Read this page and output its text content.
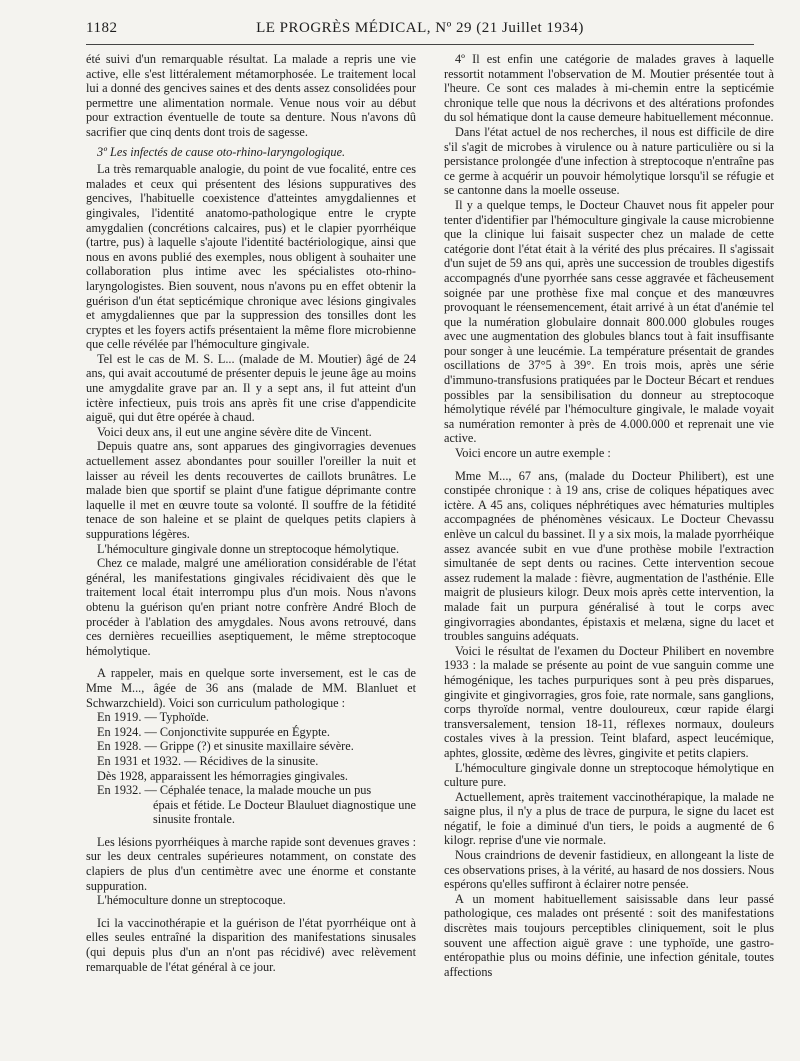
1182	LE PROGRÈS MÉDICAL, Nº 29 (21 Juillet 1934)

été suivi d'un remarquable résultat. La malade a repris une vie active, elle s'est littéralement métamorphosée. Le traitement local lui a donné des gencives saines et des dents assez consolidées pour permettre une alimentation normale. Venue nous voir au début pour extraction éventuelle de toute sa denture. Nous n'avons dû sacrifier que cinq dents dont trois de sagesse.

3º Les infectés de cause oto-rhino-laryngologique.

La très remarquable analogie, du point de vue focalité, entre ces malades et ceux qui présentent des lésions suppuratives des gencives, l'habituelle coexistence d'atteintes amygdaliennes et gingivales, l'identité anatomo-pathologique entre le crypte amygdalien (concrétions calcaires, pus) et le clapier pyorrhéique (tartre, pus) à laquelle s'ajoute l'identité bactériologique, ainsi que nous en avons publié des exemples, nous obligent à souhaiter une collaboration plus intime avec les spécialistes oto-rhino-laryngologistes. Bien souvent, nous n'avons pu en effet obtenir la guérison d'un état septicémique chronique avec lésions gingivales et amygdaliennes que par la suppression des tonsilles dont les cryptes et les foyers actifs présentaient la même flore microbienne que celle révélée par l'hémoculture gingivale.

Tel est le cas de M. S. L... (malade de M. Moutier) âgé de 24 ans, qui avait accoutumé de présenter depuis le jeune âge au moins une amygdalite grave par an. Il y a sept ans, il fut atteint d'un ictère infectieux, puis trois ans après fit une crise d'appendicite aiguë, qui dut être opérée à chaud.

Voici deux ans, il eut une angine sévère dite de Vincent.

Depuis quatre ans, sont apparues des gingivorragies devenues actuellement assez abondantes pour souiller l'oreiller la nuit et laisser au réveil les dents recouvertes de caillots brunâtres. Le malade bien que sportif se plaint d'une fatigue déprimante contre laquelle il met en œuvre toute sa volonté. Il souffre de la fétidité tenace de son haleine et se plaint de quelques petits clapiers à suppurations légères.

L'hémoculture gingivale donne un streptocoque hémolytique.

Chez ce malade, malgré une amélioration considérable de l'état général, les manifestations gingivales récidivaient dès que le traitement local était interrompu plus d'un mois. Nous n'avons obtenu la guérison qu'en priant notre confrère André Bloch de procéder à l'ablation des amygdales. Nous avons retrouvé, dans ces dernières recueillies aseptiquement, le même streptocoque hémolytique.

A rappeler, mais en quelque sorte inversement, est le cas de Mme M..., âgée de 36 ans (malade de MM. Blanluet et Schwarzchield). Voici son curriculum pathologique :

En 1919. — Typhoïde.

En 1924. — Conjonctivite suppurée en Égypte.

En 1928. — Grippe (?) et sinusite maxillaire sévère.

En 1931 et 1932. — Récidives de la sinusite.

Dès 1928, apparaissent les hémorragies gingivales.

En 1932. — Céphalée tenace, la malade mouche un pus

épais et fétide. Le Docteur Blauluet diagnostique une sinusite frontale.

Les lésions pyorrhéiques à marche rapide sont devenues graves : sur les deux centrales supérieures notamment, on constate des clapiers de plus d'un centimètre avec une énorme et constante suppuration.

L'hémoculture donne un streptocoque.

Ici la vaccinothérapie et la guérison de l'état pyorrhéique ont à elles seules entraîné la disparition des manifestations sinusales (qui depuis plus d'un an n'ont pas récidivé) avec relèvement remarquable de l'état général à ce jour.

4º Il est enfin une catégorie de malades graves à laquelle ressortit notamment l'observation de M. Moutier présentée tout à l'heure. Ce sont ces malades à mi-chemin entre la septicémie chronique telle que nous la décrivons et des altérations profondes du sol hématique dont la cause demeure habituellement méconnue.

Dans l'état actuel de nos recherches, il nous est difficile de dire s'il s'agit de microbes à virulence ou à nature particulière ou si la persistance prolongée d'une infection à streptocoque n'entraîne pas ce germe à acquérir un pouvoir hémolytique lorsqu'il se réfugie et se cantonne dans la moelle osseuse.

Il y a quelque temps, le Docteur Chauvet nous fit appeler pour tenter d'identifier par l'hémoculture gingivale la cause microbienne que la clinique lui faisait suspecter chez un malade de cette catégorie dont l'état était à la vérité des plus précaires. Il s'agissait d'un sujet de 59 ans qui, après une succession de troubles digestifs accompagnés d'une pyorrhée sans cesse aggravée et fâcheusement soignée par une prothèse fixe mal conçue et des manœuvres provoquant le réensemencement, était arrivé à un état d'anémie tel que la numération globulaire donnait 800.000 globules rouges avec une augmentation des globules blancs tout à fait insuffisante pour songer à une leucémie. La température présentait de grandes oscillations de 37°5 à 39°. En trois mois, après une série d'immuno-transfusions pratiquées par le Docteur Bécart et rendues possibles par la sensibilisation du donneur au streptocoque hémolytique révélé par l'hémoculture gingivale, le malade voyait sa numération remonter à près de 4.000.000 et reprenait une vie active.

Voici encore un autre exemple :

Mme M..., 67 ans, (malade du Docteur Philibert), est une constipée chronique : à 19 ans, crise de coliques hépatiques avec ictère. A 45 ans, coliques néphrétiques avec hématuries multiples accompagnées de phénomènes vésicaux. Le Docteur Chevassu enlève un calcul du bassinet. Il y a six mois, la malade pyorrhéique assez avancée subit en vue d'une prothèse mobile l'extraction simultanée de sept dents ou racines. Cette intervention secoue assez rudement la malade : fièvre, augmentation de l'asthénie. Elle maigrit de plusieurs kilogr. Deux mois après cette intervention, la malade fait un purpura généralisé à tout le corps avec gingivorragies abondantes, épistaxis et melæna, signe du lacet et troubles sanguins adéquats.

Voici le résultat de l'examen du Docteur Philibert en novembre 1933 : la malade se présente au point de vue sanguin comme une hémogénique, les taches purpuriques sont à peu près disparues, gingivite et gingivorragies, gros foie, rate normale, sans ganglions, corps thyroïde normal, ventre douloureux, cœur rapide élargi transversalement, tension 18-11, réflexes normaux, douleurs costales vives à la pression. Teint blafard, aspect leucémique, aphtes, glossite, œdème des lèvres, gingivite et petits clapiers.

L'hémoculture gingivale donne un streptocoque hémolytique en culture pure.

Actuellement, après traitement vaccinothérapique, la malade ne saigne plus, il n'y a plus de trace de purpura, le signe du lacet est négatif, le foie a diminué d'un tiers, le poids a augmenté de 6 kilogr. reprise d'une vie normale.

Nous craindrions de devenir fastidieux, en allongeant la liste de ces observations prises, à la vérité, au hasard de nos dossiers. Nous espérons qu'elles suffiront à éclairer notre pensée.

A un moment habituellement saisissable dans leur passé pathologique, ces malades ont présenté : soit des manifestations discrètes mais toujours perceptibles cliniquement, soit le plus souvent une affection aiguë grave : une typhoïde, une gastro-entéropathie plus ou moins définie, une infection génitale, toutes affections
